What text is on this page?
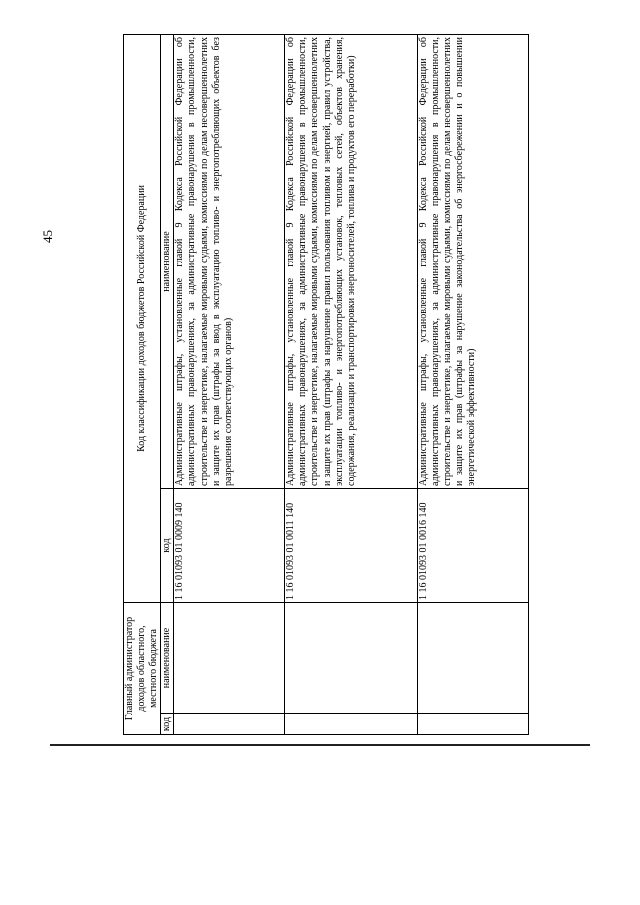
45
Главный администратор доходов областного, местного бюджета		Код классификации доходов бюджетов Российской Федерации	
код	наименование	код	наименование
		1 16 01093 01 0009 140	Административные штрафы, установленные главой 9 Кодекса Российской Федерации об административных правонарушениях, за административные правонарушения в промышленности, строительстве и энергетике, налагаемые мировыми судьями, комиссиями по делам несовершеннолетних и защите их прав (штрафы за ввод в эксплуатацию топливо- и энергопотребляющих объектов без разрешения соответствующих органов)
		1 16 01093 01 0011 140	Административные штрафы, установленные главой 9 Кодекса Российской Федерации об административных правонарушениях, за административные правонарушения в промышленности, строительстве и энергетике, налагаемые мировыми судьями, комиссиями по делам несовершеннолетних и защите их прав (штрафы за нарушение правил пользования топливом и энергией, правил устройства, эксплуатации топливо- и энергопотребляющих установок, тепловых сетей, объектов хранения, содержания, реализации и транспортировки энергоносителей, топлива и продуктов его переработки)
		1 16 01093 01 0016 140	Административные штрафы, установленные главой 9 Кодекса Российской Федерации об административных правонарушениях, за административные правонарушения в промышленности, строительстве и энергетике, налагаемые мировыми судьями, комиссиями по делам несовершеннолетних и защите их прав (штрафы за нарушение законодательства об энергосбережении и о повышении энергетической эффективности)
